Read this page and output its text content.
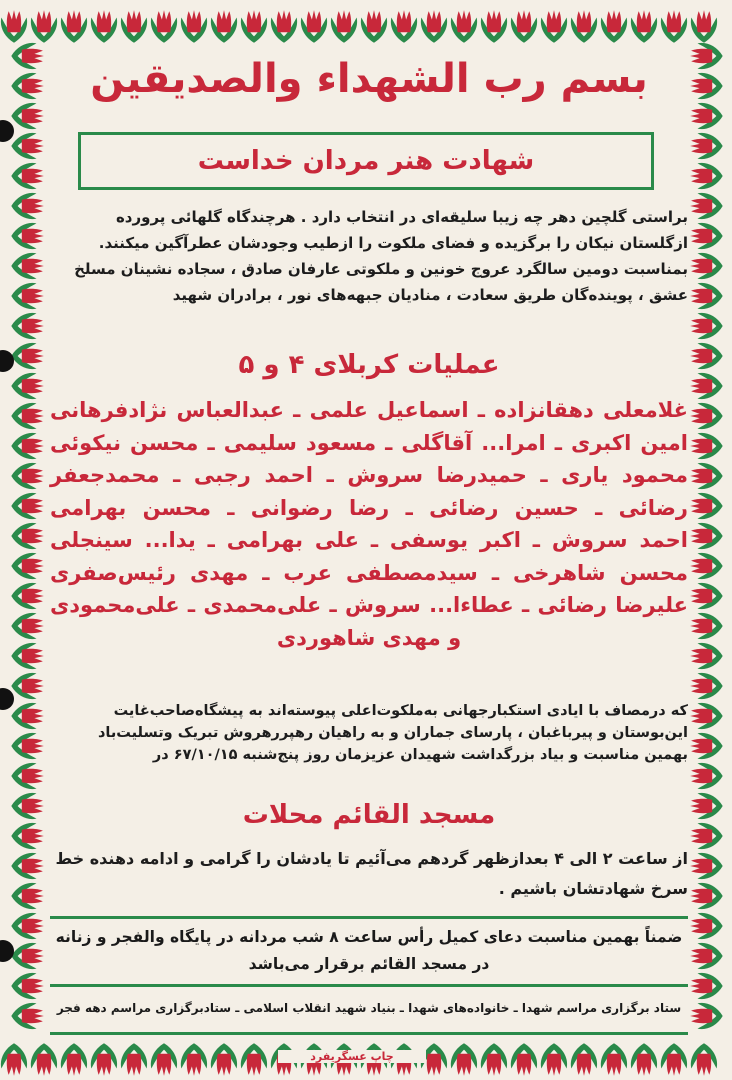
بسم رب الشهداء والصدیقین
شهادت هنر مردان خداست
براستی گلچین دهر چه زیبا سلیقه‌ای در انتخاب دارد . هرچندگاه گلهائی پرورده ازگلستان نیکان را برگزیده و فضای ملکوت را ازطیب وجودشان عطرآگین میکنند. بمناسبت دومین سالگرد عروج خونین و ملکوتی عارفان صادق ، سجاده نشینان مسلخ عشق ، پوینده‌گان طریق سعادت ، منادیان جبهه‌های نور ، برادران شهید
عملیات کربلای ۴ و ۵
غلامعلی دهقانزاده ـ اسماعیل علمی ـ عبدالعباس نژادفرهانی
امین اکبری ـ امرا... آقاگلی ـ مسعود سلیمی ـ محسن نیکوئی
محمود یاری ـ حمیدرضا سروش ـ احمد رجبی ـ محمدجعفر
رضائی ـ حسین رضائی ـ رضا رضوانی ـ محسن بهرامی
احمد سروش ـ اکبر یوسفی ـ علی بهرامی ـ یدا... سینجلی
محسن شاهرخی ـ سیدمصطفی عرب ـ مهدی رئیس‌صفری
علیرضا رضائی ـ عطاءا... سروش ـ علی‌محمدی ـ علی‌محمودی
و مهدی شاهوردی
که درمصاف با ایادی استکبارجهانی به‌ملکوت‌اعلی پیوسته‌اند به پیشگاه‌صاحب‌غایت این‌بوستان و پیرباغبان ، پارسای جماران و به راهیان رهپررهروش تبریک وتسلیت‌باد بهمین مناسبت و بیاد بزرگداشت شهیدان عزیزمان روز پنج‌شنبه ۶۷/۱۰/۱۵ در
مسجد القائم محلات
از ساعت ۲ الی ۴ بعدازظهر گردهم می‌آئیم تا یادشان را گرامی و ادامه دهنده خط سرخ شهادتشان باشیم .
ضمناً بهمین مناسبت دعای کمیل رأس ساعت ۸ شب مردانه در پایگاه والفجر و زنانه در مسجد القائم برقرار می‌باشد
ستاد برگزاری مراسم شهدا ـ خانواده‌های شهدا ـ بنیاد شهید انقلاب اسلامی ـ ستادبرگزاری مراسم دهه فجر
چاپ عسگریفرد
